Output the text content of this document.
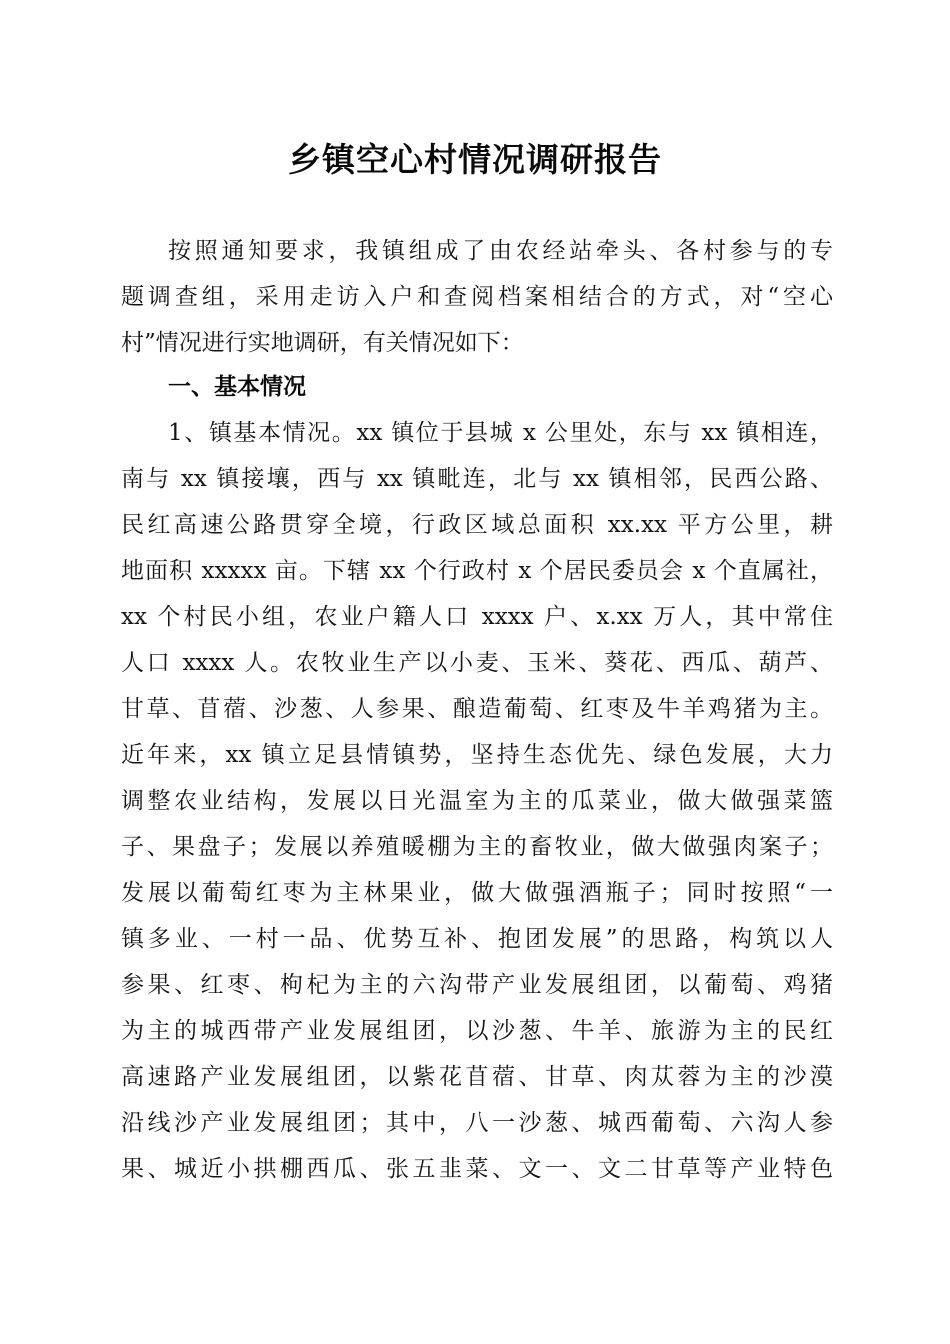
乡镇空心村情况调研报告
按照通知要求，我镇组成了由农经站牵头、各村参与的专
题调查组，采用走访入户和查阅档案相结合的方式，对“空心
村”情况进行实地调研，有关情况如下：
一、基本情况
1、镇基本情况。xx 镇位于县城 x 公里处，东与 xx 镇相连，
南与 xx 镇接壤，西与 xx 镇毗连，北与 xx 镇相邻，民西公路、
民红高速公路贯穿全境，行政区域总面积 xx.xx 平方公里，耕
地面积 xxxxx 亩。下辖 xx 个行政村 x 个居民委员会 x 个直属社，
xx 个村民小组，农业户籍人口 xxxx 户、x.xx 万人，其中常住
人口 xxxx 人。农牧业生产以小麦、玉米、葵花、西瓜、葫芦、
甘草、苜蓿、沙葱、人参果、酿造葡萄、红枣及牛羊鸡猪为主。
近年来，xx 镇立足县情镇势，坚持生态优先、绿色发展，大力
调整农业结构，发展以日光温室为主的瓜菜业，做大做强菜篮
子、果盘子；发展以养殖暖棚为主的畜牧业，做大做强肉案子；
发展以葡萄红枣为主林果业，做大做强酒瓶子；同时按照“一
镇多业、一村一品、优势互补、抱团发展”的思路，构筑以人
参果、红枣、枸杞为主的六沟带产业发展组团，以葡萄、鸡猪
为主的城西带产业发展组团，以沙葱、牛羊、旅游为主的民红
高速路产业发展组团，以紫花苜蓿、甘草、肉苁蓉为主的沙漠
沿线沙产业发展组团；其中，八一沙葱、城西葡萄、六沟人参
果、城近小拱棚西瓜、张五韭菜、文一、文二甘草等产业特色
